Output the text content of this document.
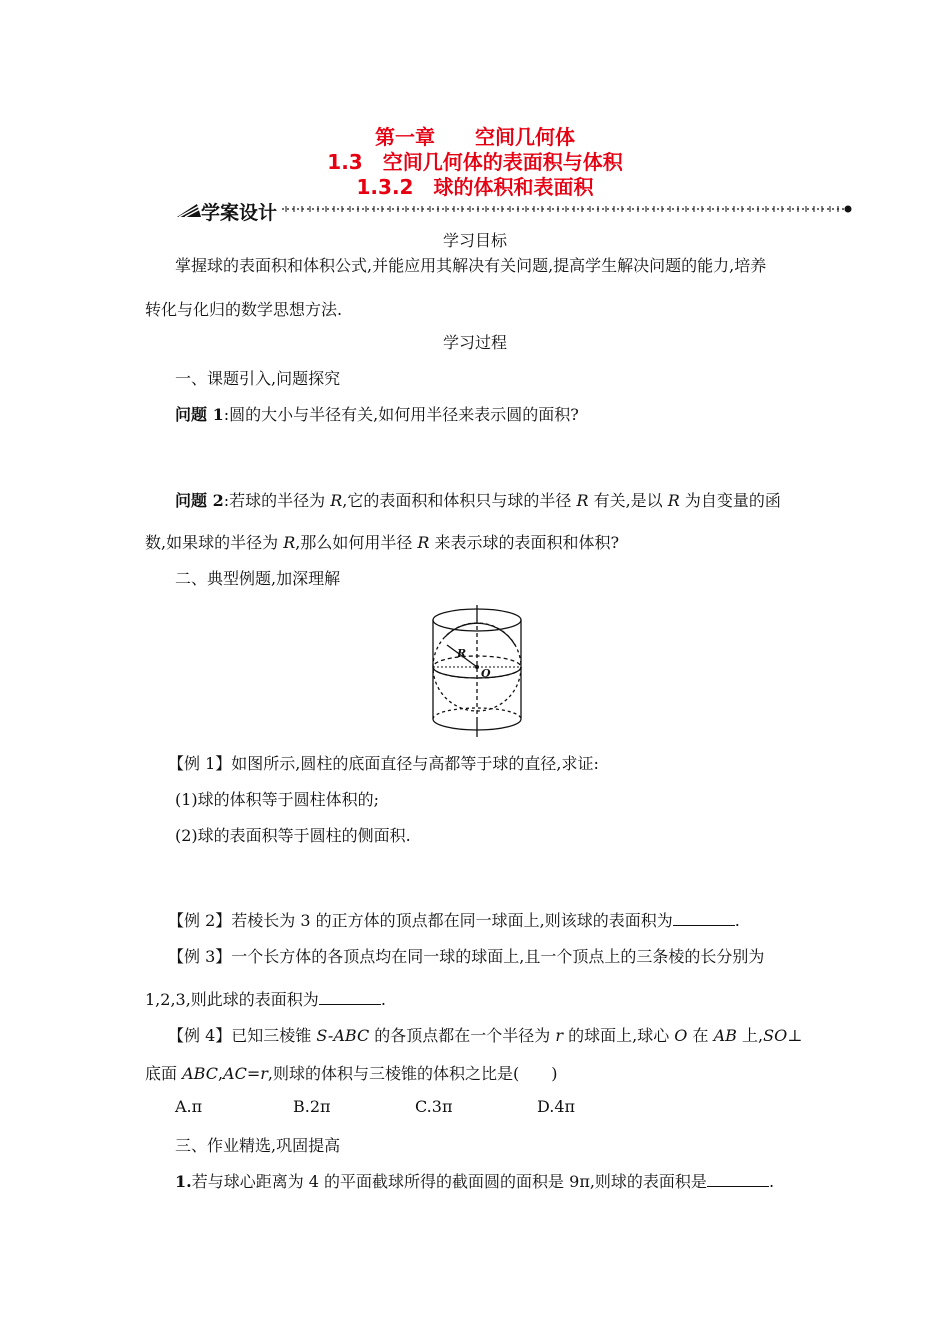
第一章　　空间几何体
1.3　空间几何体的表面积与体积
1.3.2　球的体积和表面积
学案设计
学习目标
掌握球的表面积和体积公式,并能应用其解决有关问题,提高学生解决问题的能力,培养
转化与化归的数学思想方法.
学习过程
一、课题引入,问题探究
问题 1:圆的大小与半径有关,如何用半径来表示圆的面积?
问题 2:若球的半径为 R,它的表面积和体积只与球的半径 R 有关,是以 R 为自变量的函
数,如果球的半径为 R,那么如何用半径 R 来表示球的表面积和体积?
二、典型例题,加深理解
R
O
【例 1】如图所示,圆柱的底面直径与高都等于球的直径,求证:
(1)球的体积等于圆柱体积的;
(2)球的表面积等于圆柱的侧面积.
【例 2】若棱长为 3 的正方体的顶点都在同一球面上,则该球的表面积为	.
【例 3】一个长方体的各顶点均在同一球的球面上,且一个顶点上的三条棱的长分别为
1,2,3,则此球的表面积为	.
【例 4】已知三棱锥 S-ABC 的各顶点都在一个半径为 r 的球面上,球心 O 在 AB 上,SO⊥
底面 ABC,AC=r,则球的体积与三棱锥的体积之比是(　　)
A.π	B.2π	C.3π	D.4π
三、作业精选,巩固提高
1.若与球心距离为 4 的平面截球所得的截面圆的面积是 9π,则球的表面积是	.
